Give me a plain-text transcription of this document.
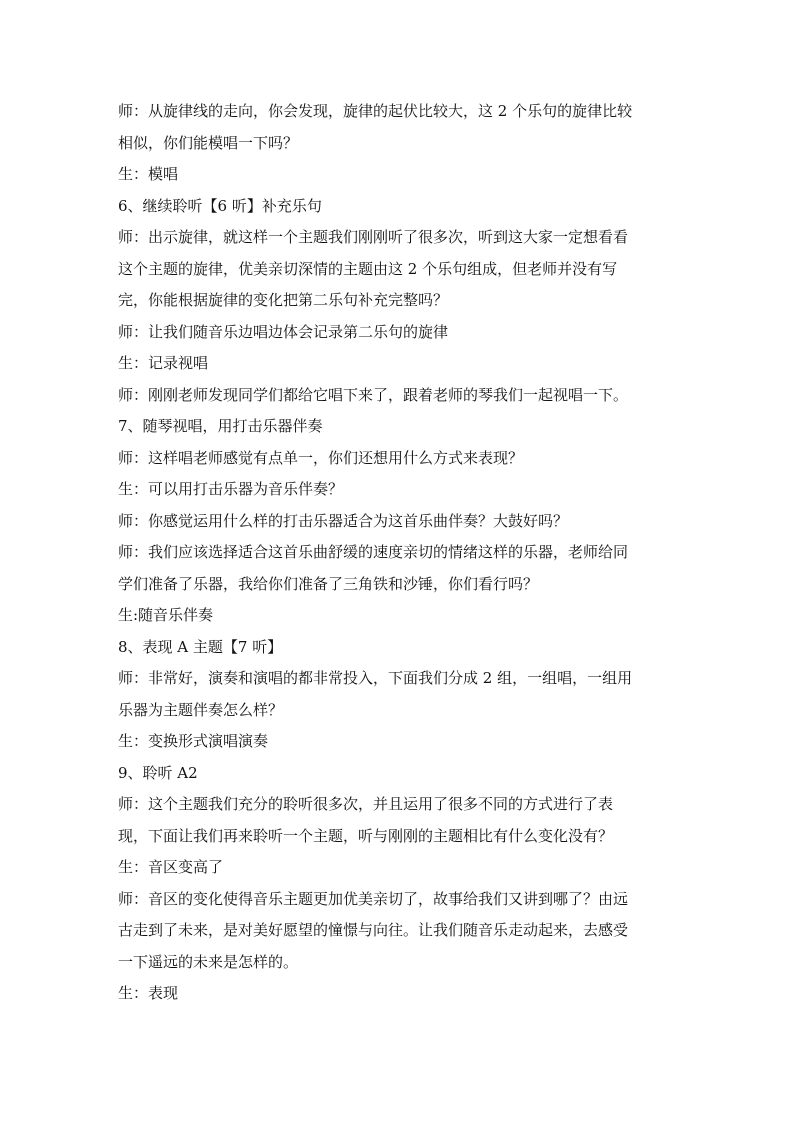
师：从旋律线的走向，你会发现，旋律的起伏比较大，这 2 个乐句的旋律比较
相似，你们能模唱一下吗？
生：模唱
6、继续聆听【6 听】补充乐句
师：出示旋律，就这样一个主题我们刚刚听了很多次，听到这大家一定想看看
这个主题的旋律，优美亲切深情的主题由这 2 个乐句组成，但老师并没有写
完，你能根据旋律的变化把第二乐句补充完整吗？
师：让我们随音乐边唱边体会记录第二乐句的旋律
生：记录视唱
师：刚刚老师发现同学们都给它唱下来了，跟着老师的琴我们一起视唱一下。
7、随琴视唱，用打击乐器伴奏
师：这样唱老师感觉有点单一，你们还想用什么方式来表现？
生：可以用打击乐器为音乐伴奏？
师：你感觉运用什么样的打击乐器适合为这首乐曲伴奏？大鼓好吗？
师：我们应该选择适合这首乐曲舒缓的速度亲切的情绪这样的乐器，老师给同
学们准备了乐器，我给你们准备了三角铁和沙锤，你们看行吗？
生:随音乐伴奏
8、表现 A 主题【7 听】
师：非常好，演奏和演唱的都非常投入，下面我们分成 2 组，一组唱，一组用
乐器为主题伴奏怎么样？
生：变换形式演唱演奏
9、聆听 A2
师：这个主题我们充分的聆听很多次，并且运用了很多不同的方式进行了表
现，下面让我们再来聆听一个主题，听与刚刚的主题相比有什么变化没有？
生：音区变高了
师：音区的变化使得音乐主题更加优美亲切了，故事给我们又讲到哪了？由远
古走到了未来，是对美好愿望的憧憬与向往。让我们随音乐走动起来，去感受
一下遥远的未来是怎样的。
生：表现
